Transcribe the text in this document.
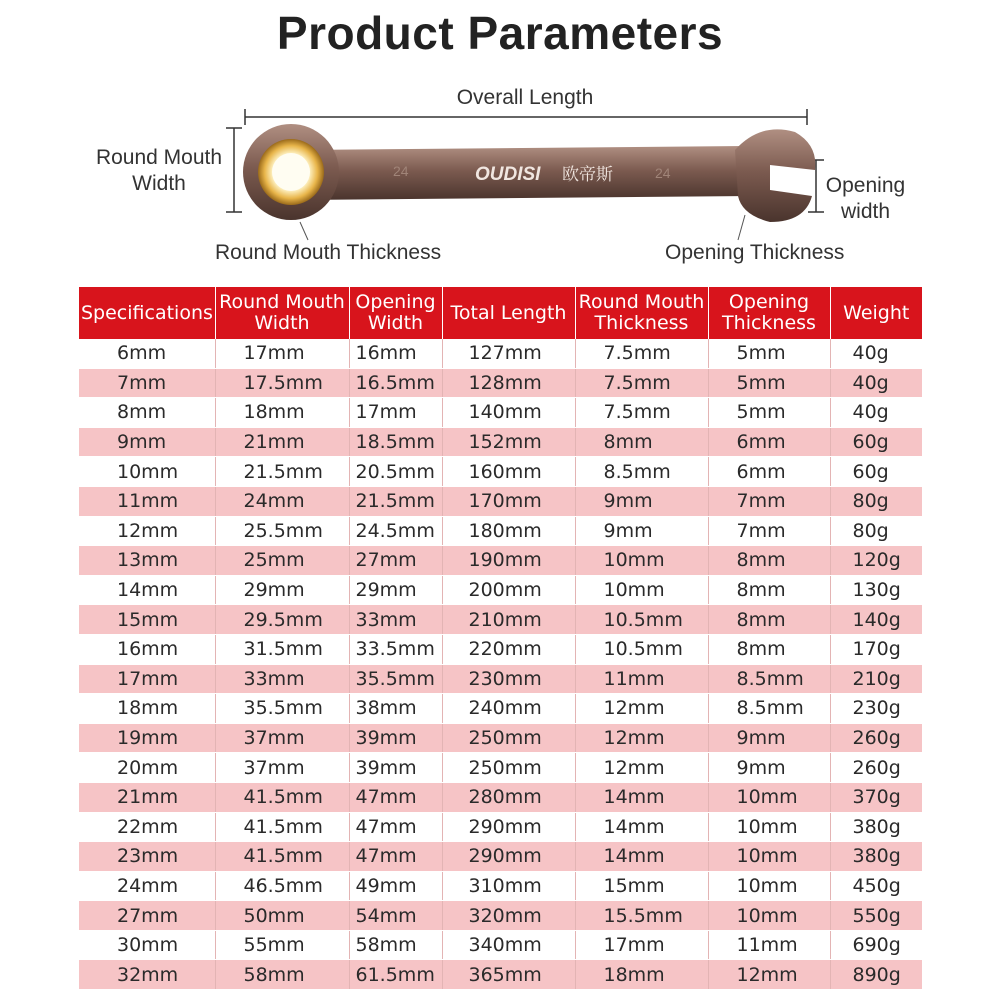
Product Parameters
24	24
OUDISI 欧帝斯
Overall Length
Round Mouth Width	Opening width
Round Mouth Thickness	Opening Thickness
Specifications	Round Mouth Width	Opening Width	Total Length	Round Mouth Thickness	Opening Thickness	Weight
6mm	17mm	16mm	127mm	7.5mm	5mm	40g
7mm	17.5mm	16.5mm	128mm	7.5mm	5mm	40g
8mm	18mm	17mm	140mm	7.5mm	5mm	40g
9mm	21mm	18.5mm	152mm	8mm	6mm	60g
10mm	21.5mm	20.5mm	160mm	8.5mm	6mm	60g
11mm	24mm	21.5mm	170mm	9mm	7mm	80g
12mm	25.5mm	24.5mm	180mm	9mm	7mm	80g
13mm	25mm	27mm	190mm	10mm	8mm	120g
14mm	29mm	29mm	200mm	10mm	8mm	130g
15mm	29.5mm	33mm	210mm	10.5mm	8mm	140g
16mm	31.5mm	33.5mm	220mm	10.5mm	8mm	170g
17mm	33mm	35.5mm	230mm	11mm	8.5mm	210g
18mm	35.5mm	38mm	240mm	12mm	8.5mm	230g
19mm	37mm	39mm	250mm	12mm	9mm	260g
20mm	37mm	39mm	250mm	12mm	9mm	260g
21mm	41.5mm	47mm	280mm	14mm	10mm	370g
22mm	41.5mm	47mm	290mm	14mm	10mm	380g
23mm	41.5mm	47mm	290mm	14mm	10mm	380g
24mm	46.5mm	49mm	310mm	15mm	10mm	450g
27mm	50mm	54mm	320mm	15.5mm	10mm	550g
30mm	55mm	58mm	340mm	17mm	11mm	690g
32mm	58mm	61.5mm	365mm	18mm	12mm	890g
